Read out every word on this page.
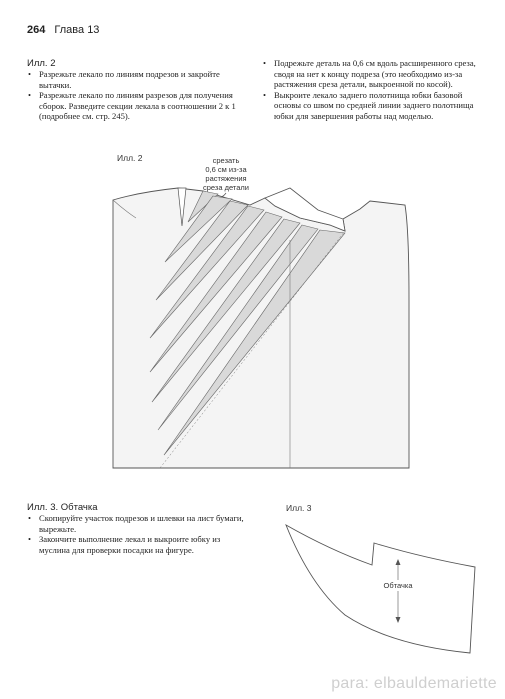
264 Глава 13
Илл. 2
• Разрежьте лекало по линиям подрезов и закройте вытачки.
• Разрежьте лекало по линиям разрезов для получения сборок. Разведите секции лекала в соотношении 2 к 1 (подробнее см. стр. 245).
• Подрежьте деталь на 0,6 см вдоль расширенного среза, сводя на нет к концу подреза (это необходимо из-за растяжения среза детали, выкроенной по косой).
• Выкроите лекало заднего полотнища юбки базовой основы со швом по средней линии заднего полотнища юбки для завершения работы над моделью.
Илл. 2	срезать
0,6 см из-за
растяжения
среза детали
Илл. 3. Обтачка
• Скопируйте участок подрезов и шлевки на лист бумаги, вырежьте.
• Закончите выполнение лекал и выкроите юбку из муслина для проверки посадки на фигуре.
Илл. 3
Обтачка
para: elbauldemariette
